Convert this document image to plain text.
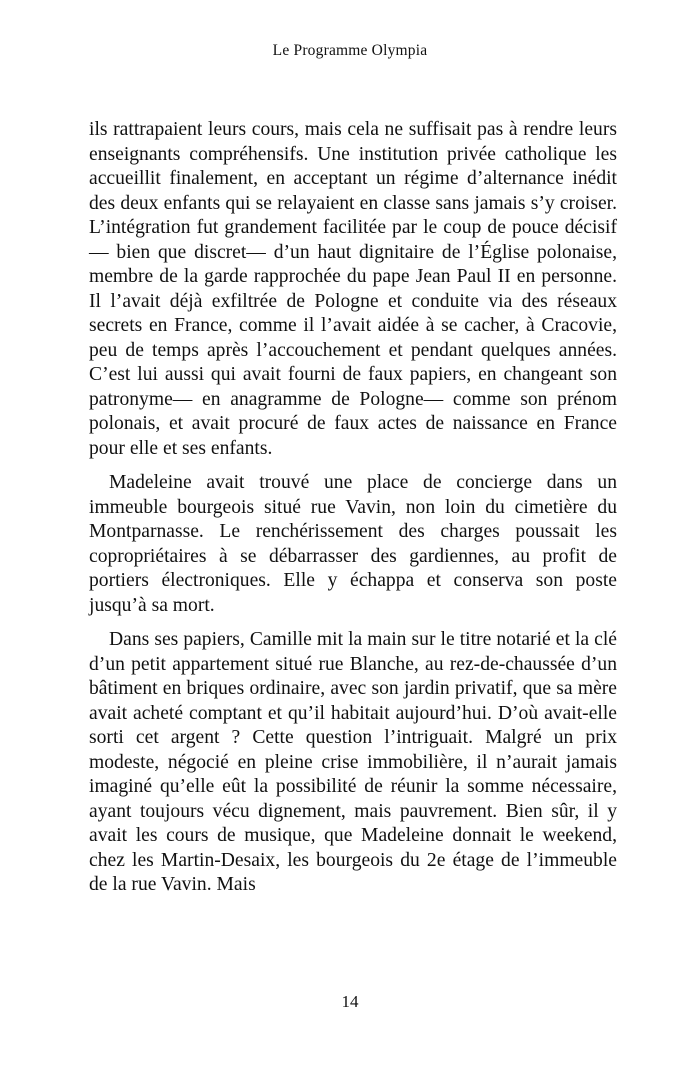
Le Programme Olympia

ils rattrapaient leurs cours, mais cela ne suffisait pas à rendre leurs enseignants compréhensifs. Une institution privée catholique les accueillit finalement, en acceptant un régime d’alternance inédit des deux enfants qui se relayaient en classe sans jamais s’y croiser. L’intégration fut grandement facilitée par le coup de pouce décisif— bien que discret— d’un haut dignitaire de l’Église polonaise, membre de la garde rapprochée du pape Jean Paul II en personne. Il l’avait déjà exfiltrée de Pologne et conduite via des réseaux secrets en France, comme il l’avait aidée à se cacher, à Cracovie, peu de temps après l’accouchement et pendant quelques années. C’est lui aussi qui avait fourni de faux papiers, en changeant son patronyme— en anagramme de Pologne— comme son prénom polonais, et avait procuré de faux actes de naissance en France pour elle et ses enfants.

Madeleine avait trouvé une place de concierge dans un immeuble bourgeois situé rue Vavin, non loin du cimetière du Montparnasse. Le renchérissement des charges poussait les copropriétaires à se débarrasser des gardiennes, au profit de portiers électroniques. Elle y échappa et conserva son poste jusqu’à sa mort.

Dans ses papiers, Camille mit la main sur le titre notarié et la clé d’un petit appartement situé rue Blanche, au rez-de-chaussée d’un bâtiment en briques ordinaire, avec son jardin privatif, que sa mère avait acheté comptant et qu’il habitait aujourd’hui. D’où avait-elle sorti cet argent ? Cette question l’intriguait. Malgré un prix modeste, négocié en pleine crise immobilière, il n’aurait jamais imaginé qu’elle eût la possibilité de réunir la somme nécessaire, ayant toujours vécu dignement, mais pauvrement. Bien sûr, il y avait les cours de musique, que Madeleine donnait le weekend, chez les Martin-Desaix, les bourgeois du 2e étage de l’immeuble de la rue Vavin. Mais

14
